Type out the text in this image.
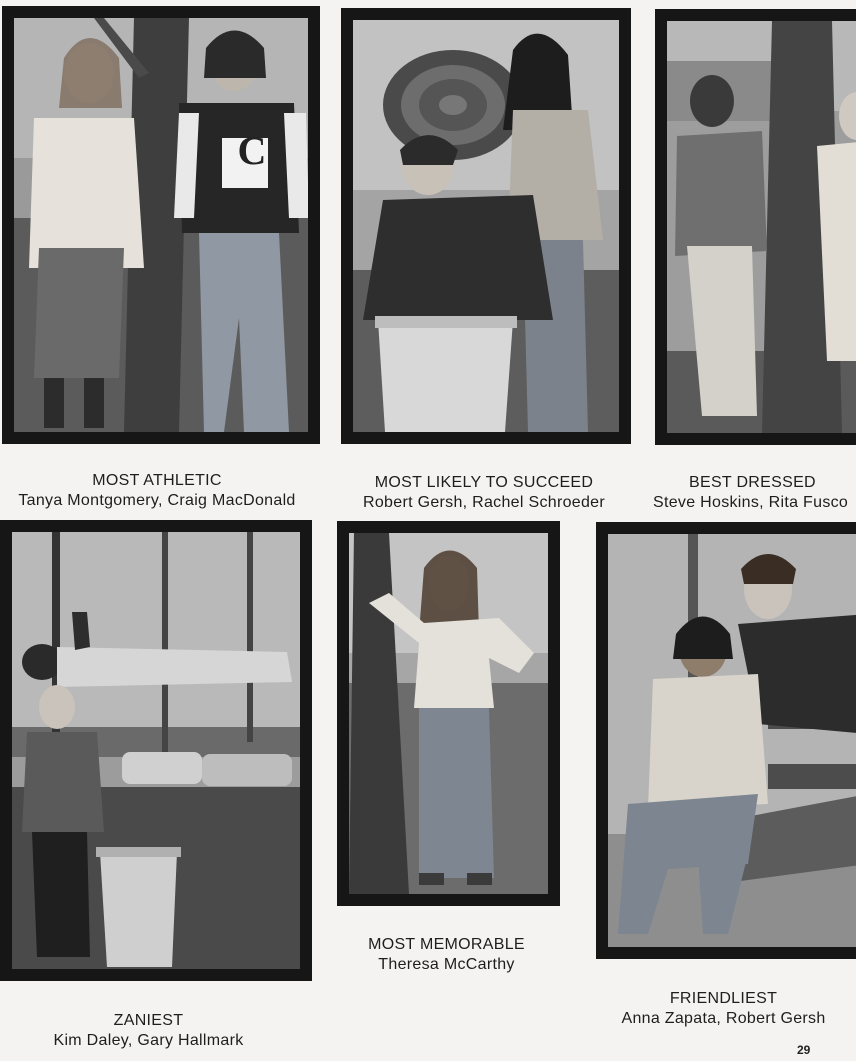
C
MOST ATHLETIC
Tanya Montgomery, Craig MacDonald
MOST LIKELY TO SUCCEED
Robert Gersh, Rachel Schroeder
BEST DRESSED
Steve Hoskins, Rita Fusco
ZANIEST
Kim Daley, Gary Hallmark
MOST MEMORABLE
Theresa McCarthy
FRIENDLIEST
Anna Zapata, Robert Gersh
29
